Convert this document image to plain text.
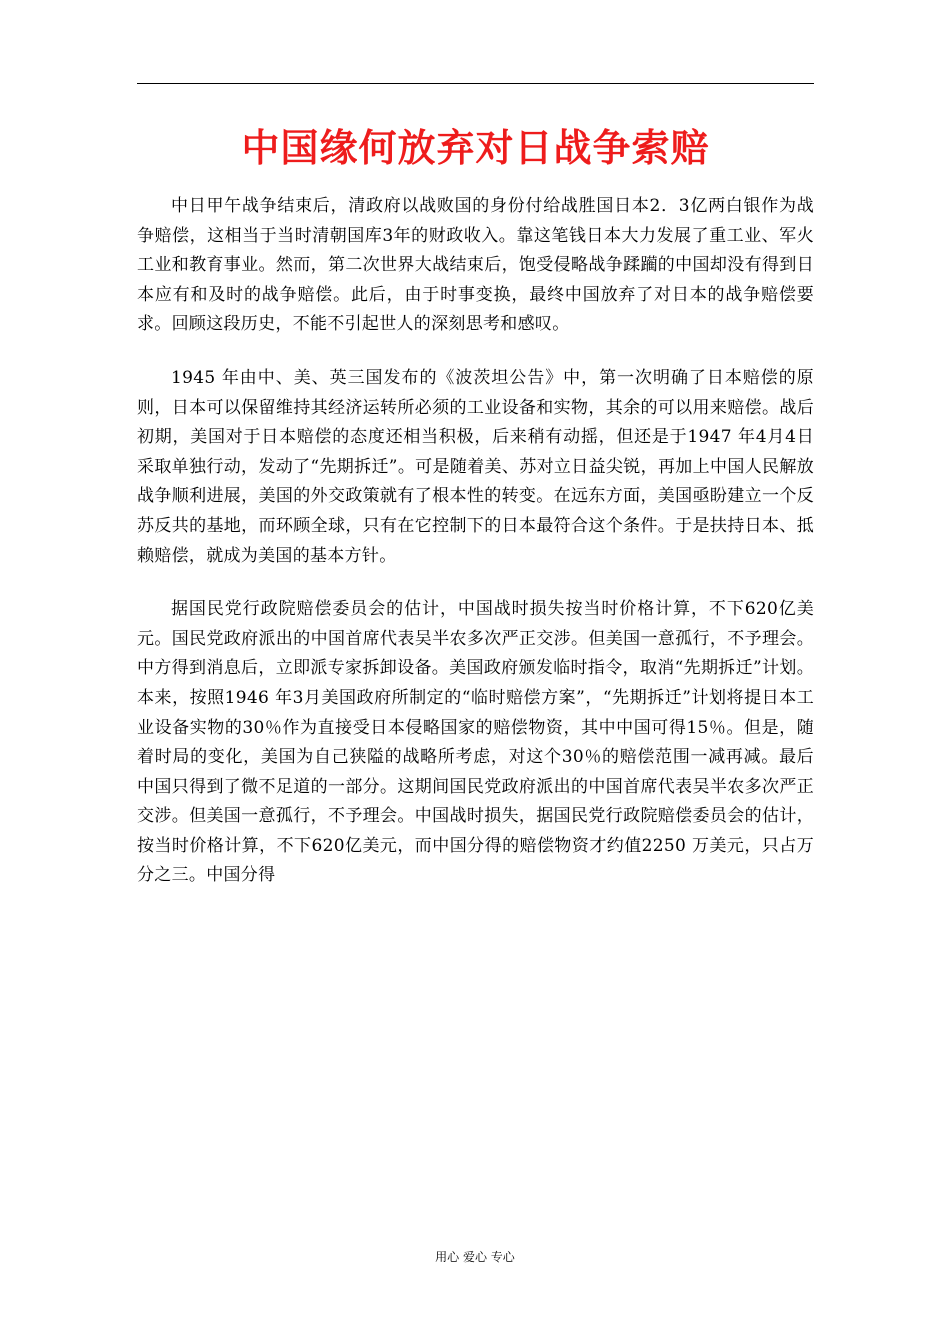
中国缘何放弃对日战争索赔

中日甲午战争结束后，清政府以战败国的身份付给战胜国日本2．3亿两白银作为战争赔偿，这相当于当时清朝国库3年的财政收入。靠这笔钱日本大力发展了重工业、军火工业和教育事业。然而，第二次世界大战结束后，饱受侵略战争蹂躏的中国却没有得到日本应有和及时的战争赔偿。此后，由于时事变换，最终中国放弃了对日本的战争赔偿要求。回顾这段历史，不能不引起世人的深刻思考和感叹。

1945 年由中、美、英三国发布的《波茨坦公告》中，第一次明确了日本赔偿的原则，日本可以保留维持其经济运转所必须的工业设备和实物，其余的可以用来赔偿。战后初期，美国对于日本赔偿的态度还相当积极，后来稍有动摇，但还是于1947 年4月4日采取单独行动，发动了“先期拆迁”。可是随着美、苏对立日益尖锐，再加上中国人民解放战争顺利进展，美国的外交政策就有了根本性的转变。在远东方面，美国亟盼建立一个反苏反共的基地，而环顾全球，只有在它控制下的日本最符合这个条件。于是扶持日本、抵赖赔偿，就成为美国的基本方针。

据国民党行政院赔偿委员会的估计，中国战时损失按当时价格计算，不下620亿美元。国民党政府派出的中国首席代表吴半农多次严正交涉。但美国一意孤行，不予理会。中方得到消息后，立即派专家拆卸设备。美国政府颁发临时指令，取消“先期拆迁”计划。本来，按照1946 年3月美国政府所制定的“临时赔偿方案”，“先期拆迁”计划将提日本工业设备实物的30％作为直接受日本侵略国家的赔偿物资，其中中国可得15％。但是，随着时局的变化，美国为自己狭隘的战略所考虑，对这个30％的赔偿范围一减再减。最后中国只得到了微不足道的一部分。这期间国民党政府派出的中国首席代表吴半农多次严正交涉。但美国一意孤行，不予理会。中国战时损失，据国民党行政院赔偿委员会的估计，按当时价格计算，不下620亿美元，而中国分得的赔偿物资才约值2250 万美元，只占万分之三。中国分得

用心 爱心 专心
